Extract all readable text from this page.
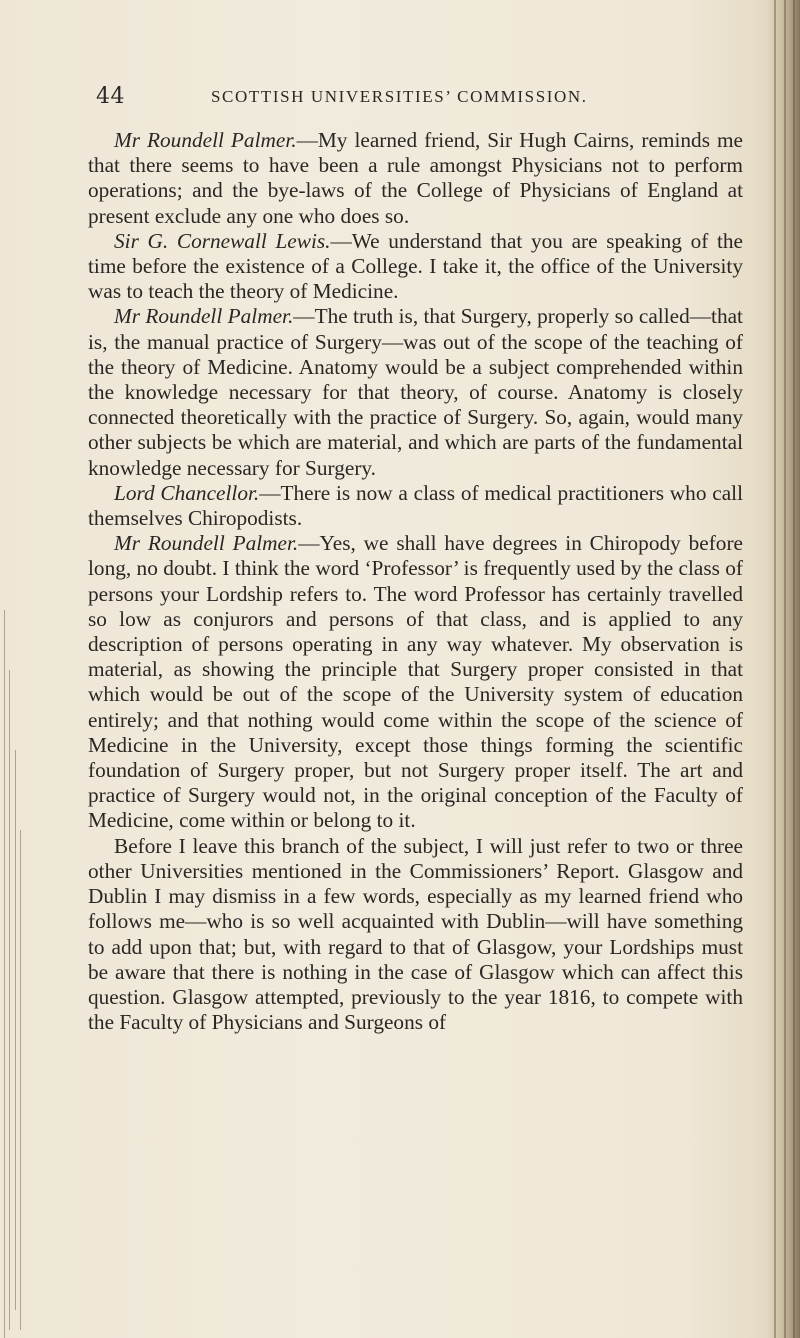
44	SCOTTISH UNIVERSITIES’ COMMISSION.

Mr Roundell Palmer.—My learned friend, Sir Hugh Cairns, reminds me that there seems to have been a rule amongst Physicians not to perform operations; and the bye-laws of the College of Physicians of England at present exclude any one who does so.

Sir G. Cornewall Lewis.—We understand that you are speaking of the time before the existence of a College. I take it, the office of the University was to teach the theory of Medicine.

Mr Roundell Palmer.—The truth is, that Surgery, properly so called—that is, the manual practice of Surgery—was out of the scope of the teaching of the theory of Medicine. Anatomy would be a subject comprehended within the knowledge necessary for that theory, of course. Anatomy is closely connected theoretically with the practice of Surgery. So, again, would many other subjects be which are material, and which are parts of the fundamental knowledge necessary for Surgery.

Lord Chancellor.—There is now a class of medical practitioners who call themselves Chiropodists.

Mr Roundell Palmer.—Yes, we shall have degrees in Chiropody before long, no doubt. I think the word ‘Professor’ is frequently used by the class of persons your Lordship refers to. The word Professor has certainly travelled so low as conjurors and persons of that class, and is applied to any description of persons operating in any way whatever. My observation is material, as showing the principle that Surgery proper consisted in that which would be out of the scope of the University system of education entirely; and that nothing would come within the scope of the science of Medicine in the University, except those things forming the scientific foundation of Surgery proper, but not Surgery proper itself. The art and practice of Surgery would not, in the original conception of the Faculty of Medicine, come within or belong to it.

Before I leave this branch of the subject, I will just refer to two or three other Universities mentioned in the Commissioners’ Report. Glasgow and Dublin I may dismiss in a few words, especially as my learned friend who follows me—who is so well acquainted with Dublin—will have something to add upon that; but, with regard to that of Glasgow, your Lordships must be aware that there is nothing in the case of Glasgow which can affect this question. Glasgow attempted, previously to the year 1816, to compete with the Faculty of Physicians and Surgeons of
